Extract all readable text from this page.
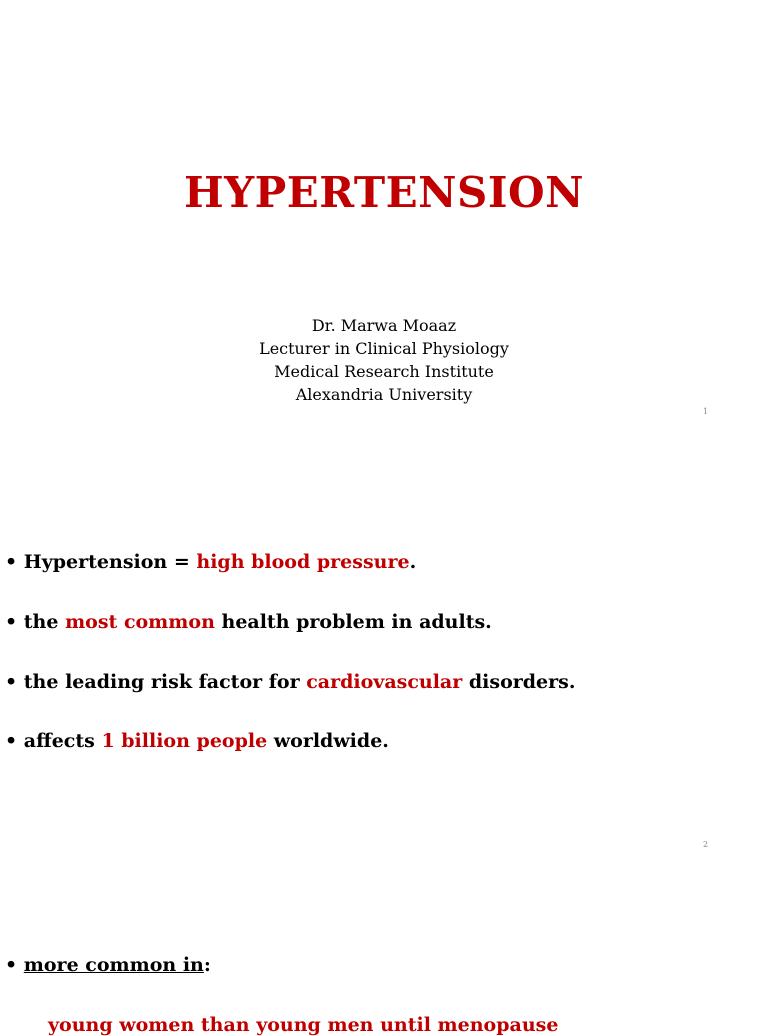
HYPERTENSION
Dr. Marwa Moaaz
Lecturer in Clinical Physiology
Medical Research Institute
Alexandria University
1
• Hypertension = high blood pressure.
• the most common health problem in adults.
• the leading risk factor for cardiovascular disorders.
• affects 1 billion people worldwide.
2
• more common in:
young women than young men until menopause
